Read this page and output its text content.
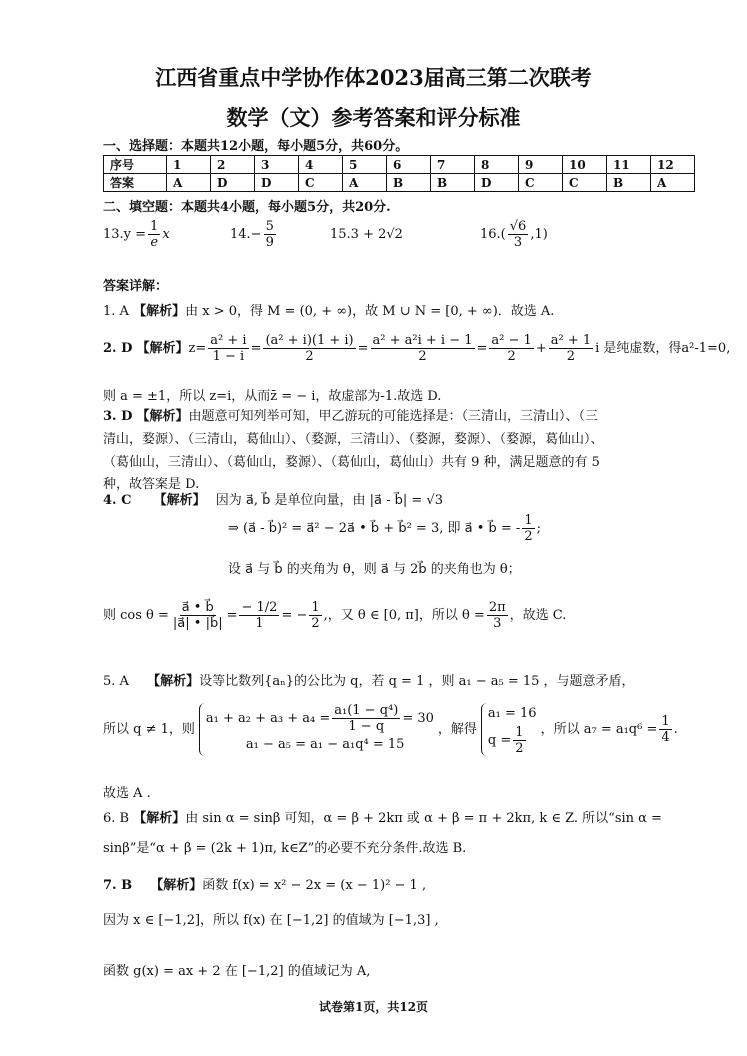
江西省重点中学协作体2023届高三第二次联考
数学（文）参考答案和评分标准
一、选择题：本题共12小题，每小题5分，共60分。
序号	1	2	3	4	5	6	7	8	9	10	11	12
答案	A	D	D	C	A	B	B	D	C	C	B	A
二、填空题：本题共4小题，每小题5分，共20分.
$13.y = \frac{1}{e}$ x	$14.- \frac{5}{9}$	15.3 + 2√2	$16.( \frac{√6}{3} ,1)$
答案详解：
1. A 【解析】由 x > 0，得 M = (0, + ∞)，故 M ∪ N = [0, + ∞)．故选 A.
2. D 【解析】$z= \frac{\text{a² + i}}{1 - i} = \frac{\text{(a² + i)(1 + i)}}{2} = \frac{\text{a² + a²i + i − 1}}{2} = \frac{\text{a² − 1}}{2} + \frac{\text{a² + 1}}{2}$ i 是纯虚数，得a²-1=0,
则 a = ±1，所以 z=i，从而z̄ = − i，故虚部为-1.故选 D.
3. D 【解析】由题意可知列举可知，甲乙游玩的可能选择是：（三清山，三清山）、（三
清山，婺源）、（三清山，葛仙山）、（婺源，三清山）、（婺源，婺源）、（婺源，葛仙山）、
（葛仙山，三清山）、（葛仙山，婺源）、（葛仙山，葛仙山）共有 9 种，满足题意的有 5
种，故答案是 D.
4. C 【解析】 因为 a⃗, b⃗ 是单位向量，由 |a⃗ - b⃗| = √3
⇒ (a⃗ - b⃗)² = a⃗² − 2a⃗ • b⃗ + b⃗² = 3, 即 a⃗ • b⃗ = - $\frac{1}{2}$ ;
设 a⃗ 与 b⃗ 的夹角为 θ，则 a⃗ 与 2b⃗ 的夹角也为 θ；
则 $\cos \theta = \frac{a⃗ • b⃗}{|a⃗| • |b⃗|} = \frac{- 1/2}{1}$ = − $\frac{1}{2}$ ,，又 θ ∈ [0, π]，所以 $\theta = \frac{2\pi}{3}$ ，故选 C.
5. A 【解析】设等比数列{aₙ}的公比为 q，若 q = 1 ，则 a₁ − a₅ = 15 ，与题意矛盾，
所以 q ≠ 1，则
$a_1 + a_2 + a_3 + a_4 = \frac{\text{a₁(1 − q⁴)}}{1 - q} = 30$
a₁ − a₅ = a₁ − a₁q⁴ = 15
，解得
a₁ = 16
$q = \frac{1}{2}$ ，所以 $a_7 = a_1q^6 = \frac{1}{4}$ .
故选 A .
6. B 【解析】由 sin α = sinβ 可知，α = β + 2kπ 或 α + β = π + 2kπ, k ∈ Z. 所以“sin α =
sinβ”是“α + β = (2k + 1)π, k∈Z”的必要不充分条件.故选 B.
7. B 【解析】函数 f(x) = x² − 2x = (x − 1)² − 1 ,
因为 x ∈ [−1,2]，所以 f(x) 在 [−1,2] 的值域为 [−1,3] ,
函数 g(x) = ax + 2 在 [−1,2] 的值域记为 A,
试卷第1页，共12页
